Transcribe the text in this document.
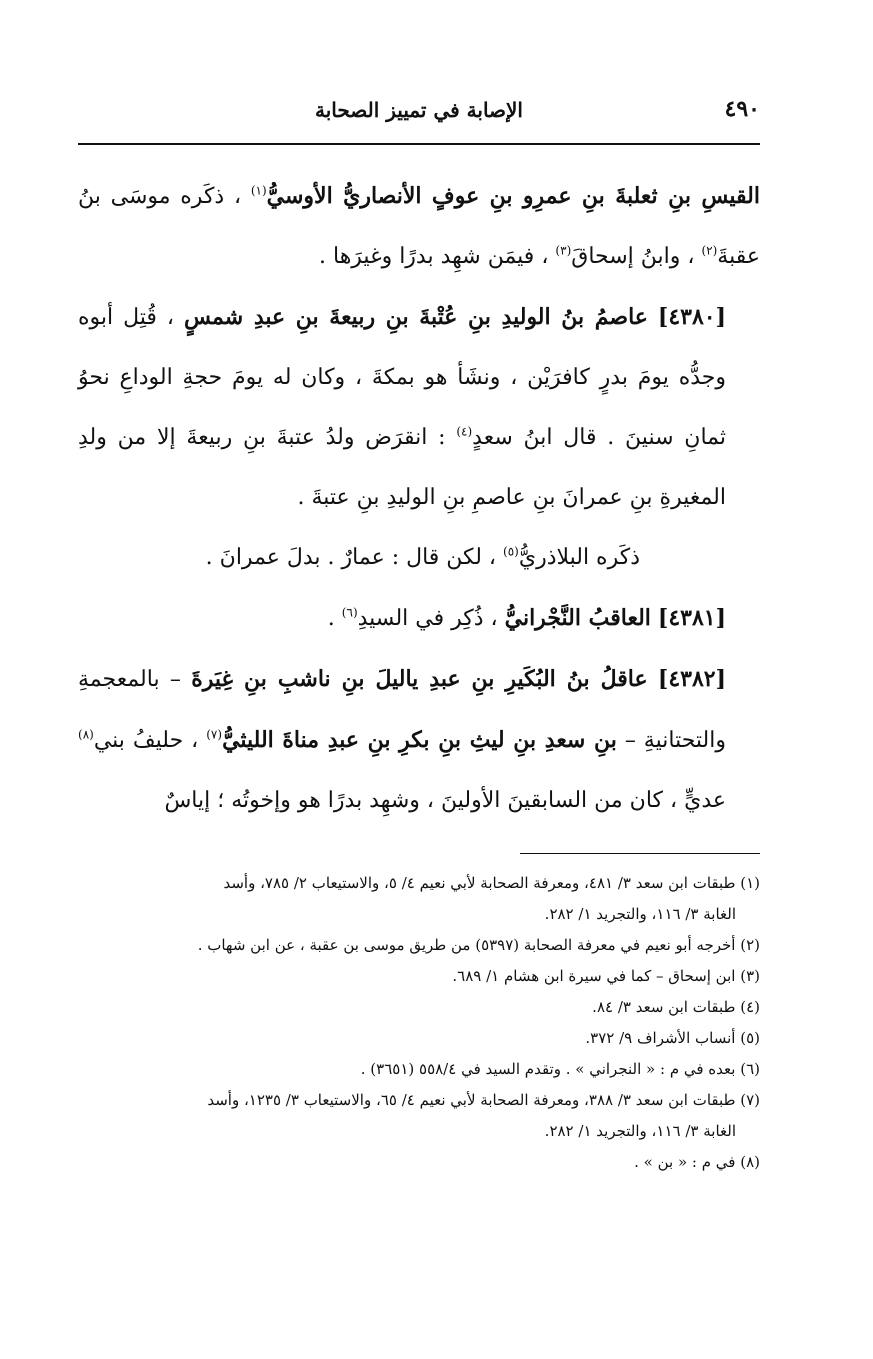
٤٩٠
الإصابة في تمييز الصحابة

القيسِ بنِ ثعلبةَ بنِ عمرِو بنِ عوفٍ الأنصاريُّ الأوسيُّ$^{(١)}$ ، ذكَره موسَى بنُ عقبةَ$^{(٢)}$ ، وابنُ إسحاقَ$^{(٣)}$ ، فيمَن شهِد بدرًا وغيرَها .

[٤٣٨٠] عاصمُ بنُ الوليدِ بنِ عُتْبةَ بنِ ربيعةَ بنِ عبدِ شمسٍ ، قُتِل أبوه وجدُّه يومَ بدرٍ كافرَيْن ، ونشَأ هو بمكةَ ، وكان له يومَ حجةِ الوداعِ نحوُ ثمانِ سنينَ . قال ابنُ سعدٍ$^{(٤)}$ : انقرَض ولدُ عتبةَ بنِ ربيعةَ إلا من ولدِ المغيرةِ بنِ عمرانَ بنِ عاصمِ بنِ الوليدِ بنِ عتبةَ .

ذكَره البلاذريُّ$^{(٥)}$ ، لكن قال : عمارٌ . بدلَ عمرانَ .

[٤٣٨١] العاقبُ النَّجْرانيُّ ، ذُكِر في السيدِ$^{(٦)}$ .

[٤٣٨٢] عاقلُ بنُ البُكَيرِ بنِ عبدِ ياليلَ بنِ ناشبِ بنِ غِيَرةَ – بالمعجمةِ والتحتانيةِ – بنِ سعدِ بنِ ليثِ بنِ بكرِ بنِ عبدِ مناةَ الليثيُّ$^{(٧)}$ ، حليفُ بني$^{(٨)}$ عديٍّ ، كان من السابقينَ الأولينَ ، وشهِد بدرًا هو وإخوتُه ؛ إياسٌ

(١) طبقات ابن سعد ٣/ ٤٨١، ومعرفة الصحابة لأبي نعيم ٤/ ٥، والاستيعاب ٢/ ٧٨٥، وأسد

الغابة ٣/ ١١٦، والتجريد ١/ ٢٨٢.

(٢) أخرجه أبو نعيم في معرفة الصحابة (٥٣٩٧) من طريق موسى بن عقبة ، عن ابن شهاب .

(٣) ابن إسحاق – كما في سيرة ابن هشام ١/ ٦٨٩.

(٤) طبقات ابن سعد ٣/ ٨٤.

(٥) أنساب الأشراف ٩/ ٣٧٢.

(٦) بعده في م : « النجراني » . وتقدم السيد في ٥٥٨/٤ (٣٦٥١) .

(٧) طبقات ابن سعد ٣/ ٣٨٨، ومعرفة الصحابة لأبي نعيم ٤/ ٦٥، والاستيعاب ٣/ ١٢٣٥، وأسد

الغابة ٣/ ١١٦، والتجريد ١/ ٢٨٢.

(٨) في م : « بن » .
